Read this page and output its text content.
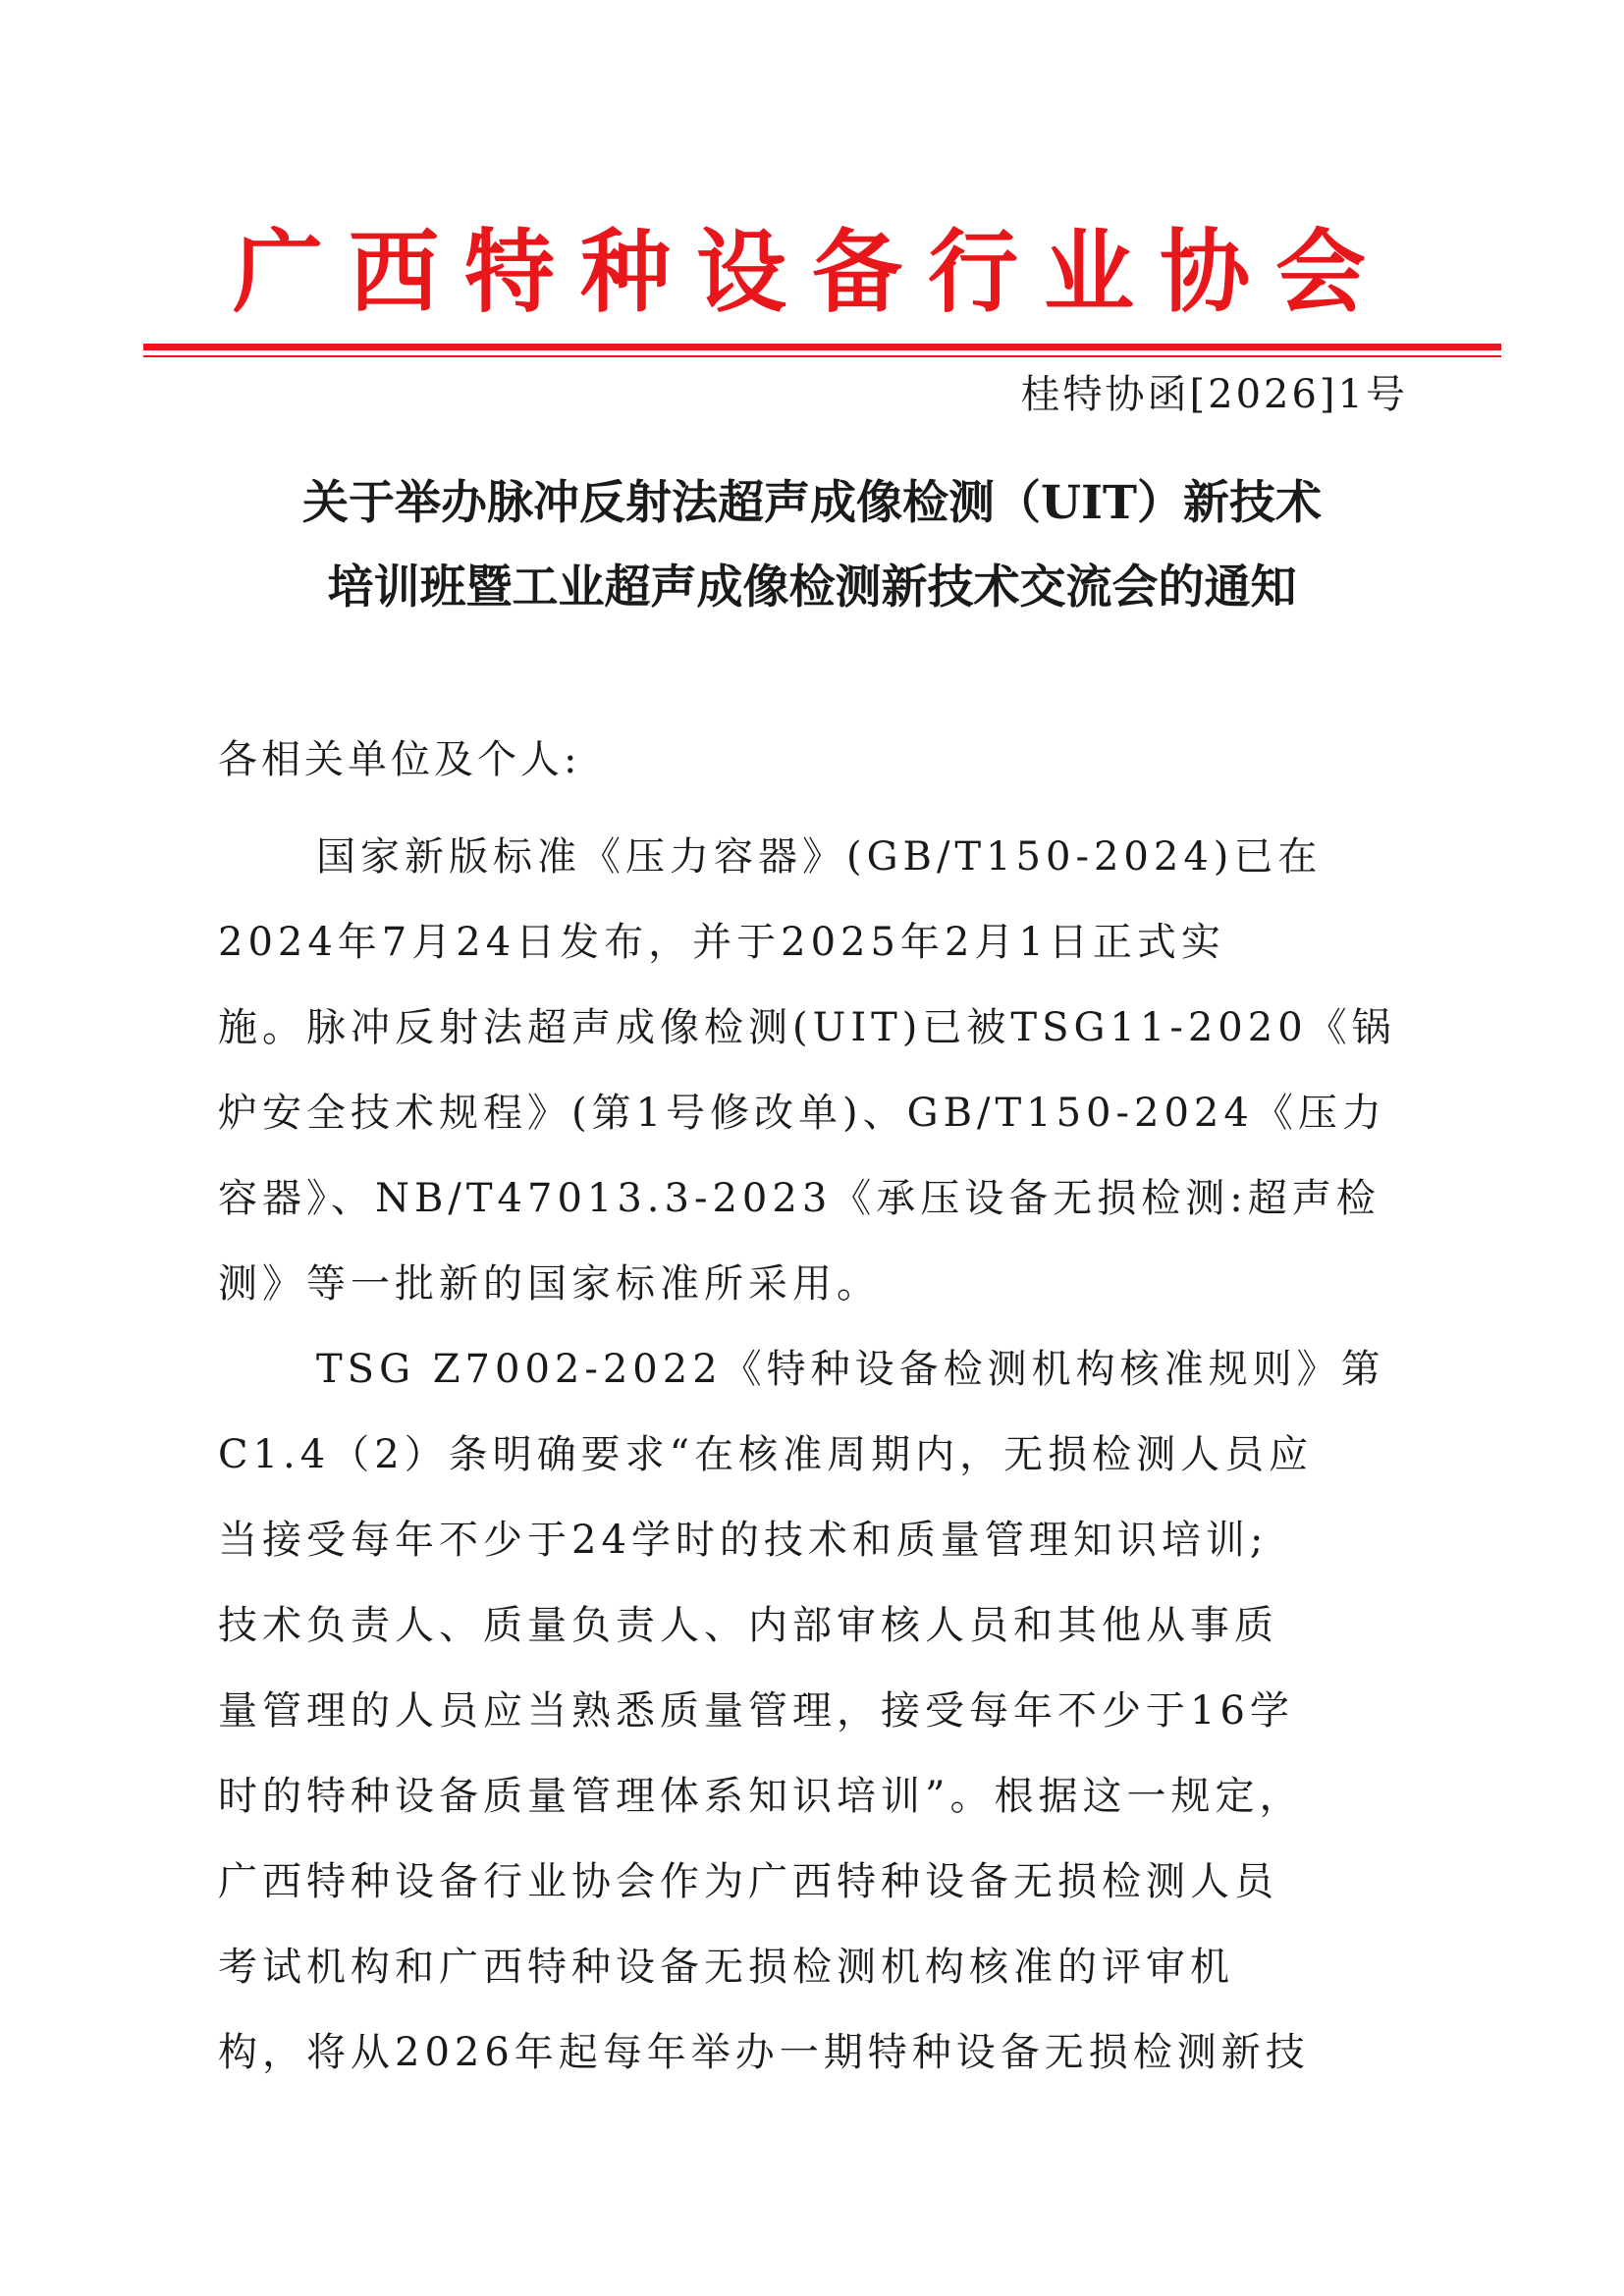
广西特种设备行业协会
桂特协函[2026]1号
关于举办脉冲反射法超声成像检测（UIT）新技术
培训班暨工业超声成像检测新技术交流会的通知
各相关单位及个人:
国家新版标准《压力容器》(GB/T150-2024)已在
2024年7月24日发布，并于2025年2月1日正式实
施。脉冲反射法超声成像检测(UIT)已被TSG11-2020《锅
炉安全技术规程》(第1号修改单)、GB/T150-2024《压力
容器》、NB/T47013.3-2023《承压设备无损检测:超声检
测》等一批新的国家标准所采用。
TSG Z7002-2022《特种设备检测机构核准规则》第
C1.4（2）条明确要求“在核准周期内，无损检测人员应
当接受每年不少于24学时的技术和质量管理知识培训;
技术负责人、质量负责人、内部审核人员和其他从事质
量管理的人员应当熟悉质量管理，接受每年不少于16学
时的特种设备质量管理体系知识培训”。根据这一规定，
广西特种设备行业协会作为广西特种设备无损检测人员
考试机构和广西特种设备无损检测机构核准的评审机
构，将从2026年起每年举办一期特种设备无损检测新技
